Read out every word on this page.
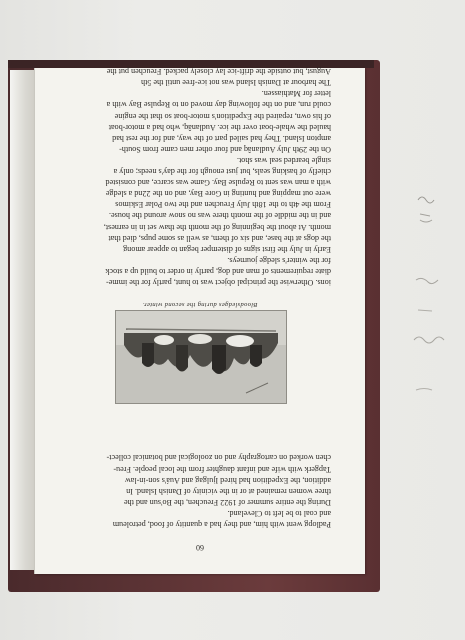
60

Padlopg went with him, and they had a quantity of food, petroleum
and coal to be left to Cleveland.
During the entire summer of 1922 Freuchen, the Bo'sun and the
three women remained at or in the vicinity of Danish Island. In
addition, the Expedition had hired Ijulgag and Auá's son-in-law
Tapgerk with wife and infant daughter from the local people. Freu-
chen worked on cartography and on zoological and botanical collect-

Bloodsledges during the second winter.

ions. Otherwise the principal object was to hunt, partly for the imme-
diate requirements of man and dog, partly in order to build up a stock
for the winter's sledge journeys.
Early in July the first signs of distemper began to appear among
the dogs at the base, and six of them, as well as some pups, died that
month. At about the beginning of the month the thaw set in in earnest,
and in the middle of the month there was no snow around the house.
From the 4th to the 18th July Freuchen and the two Polar Eskimos
were out mapping and hunting in Gore Bay, and on the 22nd a sledge
with a man was sent to Repulse Bay. Game was scarce, and consisted
chiefly of basking seals, but just enough for the day's needs; only a
single bearded seal was shot.
On the 29th July Audlanâq and four other men came from South-
ampton Island. They had sailed part of the way, and for the rest had
hauled the whale-boat over the ice. Audlanâq, who had a motor-boat
of his own, repaired the Expedition's motor-boat so that the engine
could run, and on the following day moved on to Repulse Bay with a
letter for Mathiassen.
The harbour at Danish Island was not ice-free until the 5th
August, but outside the drift-ice lay closely packed. Freuchen put the
